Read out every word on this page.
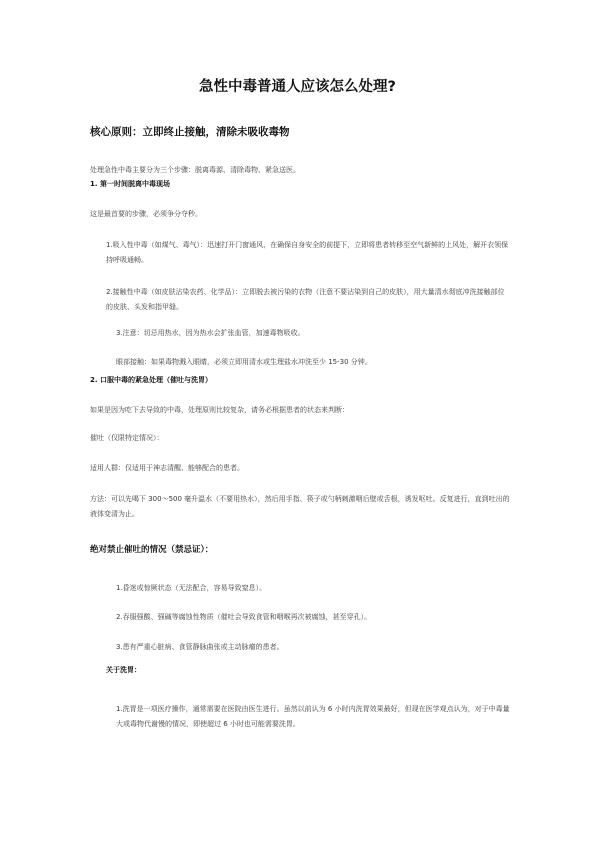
急性中毒普通人应该怎么处理?
核心原则：立即终止接触，清除未吸收毒物

处理急性中毒主要分为三个步骤：脱离毒源、清除毒物、紧急送医。

1. 第一时间脱离中毒现场

这是最首要的步骤，必须争分夺秒。

1.吸入性中毒（如煤气、毒气）：迅速打开门窗通风，在确保自身安全的前提下，立即将患者转移至空气新鲜的上风处，解开衣领保持呼吸通畅。

2.接触性中毒（如皮肤沾染农药、化学品）：立即脱去被污染的衣物（注意不要沾染到自己的皮肤），用大量清水彻底冲洗接触部位的皮肤、头发和指甲缝。

3.注意：切忌用热水，因为热水会扩张血管，加速毒物吸收。

眼部接触：如果毒物溅入眼睛，必须立即用清水或生理盐水冲洗至少 15-30 分钟。

2. 口服中毒的紧急处理（催吐与洗胃）

如果是因为吃下去导致的中毒，处理原则比较复杂，请务必根据患者的状态来判断：

催吐（仅限特定情况）：

适用人群：仅适用于神志清醒、能够配合的患者。

方法：可以先喝下 300～500 毫升温水（不要用热水），然后用手指、筷子或勺柄刺激咽后壁或舌根，诱发呕吐。反复进行，直到吐出的液体变清为止。

绝对禁止催吐的情况（禁忌证）：

1.昏迷或惊厥状态（无法配合，容易导致窒息）。

2.吞服强酸、强碱等腐蚀性物质（催吐会导致食管和咽喉再次被腐蚀，甚至穿孔）。

3.患有严重心脏病、食管静脉曲张或主动脉瘤的患者。

关于洗胃：

1.洗胃是一项医疗操作，通常需要在医院由医生进行。虽然以前认为 6 小时内洗胃效果最好，但现在医学观点认为，对于中毒量大或毒物代谢慢的情况，即使超过 6 小时也可能需要洗胃。
